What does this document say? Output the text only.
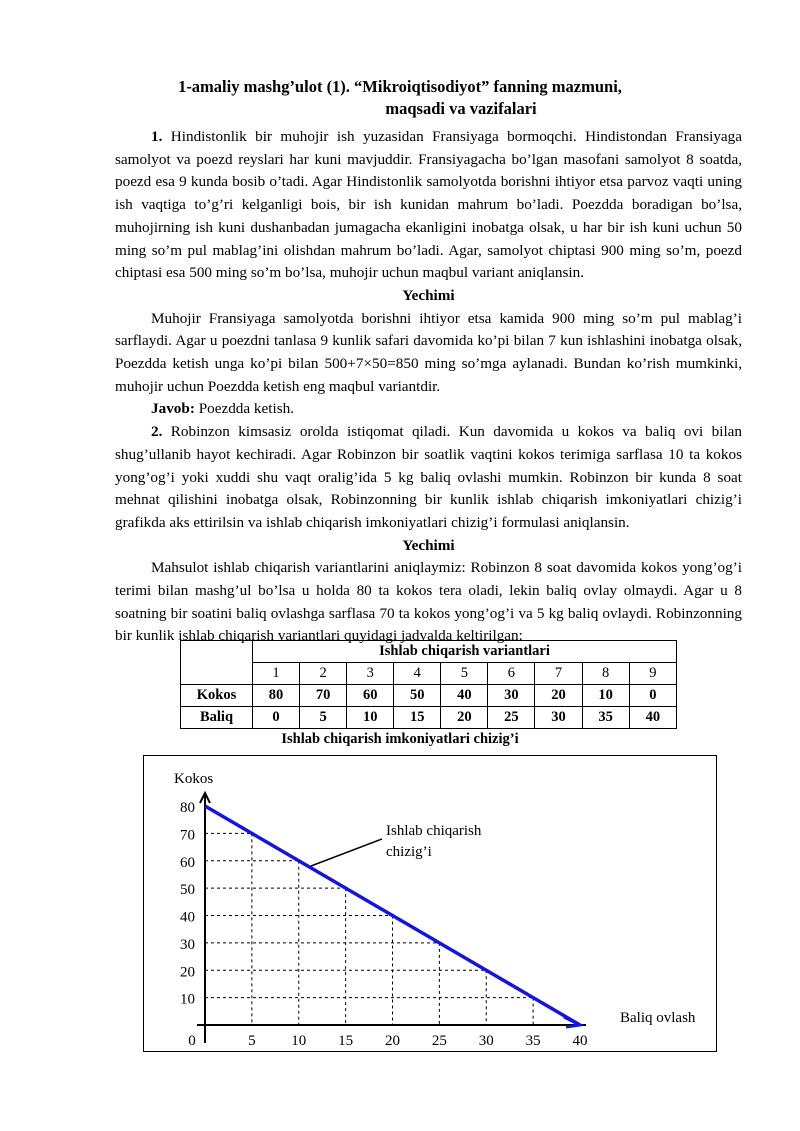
1-amaliy mashg’ulot (1). “Mikroiqtisodiyot” fanning mazmuni,

maqsadi va vazifalari

1. Hindistonlik bir muhojir ish yuzasidan Fransiyaga bormoqchi. Hindistondan Fransiyaga samolyot va poezd reyslari har kuni mavjuddir. Fransiyagacha bo’lgan masofani samolyot 8 soatda, poezd esa 9 kunda bosib o’tadi. Agar Hindistonlik samolyotda borishni ihtiyor etsa parvoz vaqti uning ish vaqtiga to’g’ri kelganligi bois, bir ish kunidan mahrum bo’ladi. Poezdda boradigan bo’lsa, muhojirning ish kuni dushanbadan jumagacha ekanligini inobatga olsak, u har bir ish kuni uchun 50 ming so’m pul mablag’ini olishdan mahrum bo’ladi. Agar, samolyot chiptasi 900 ming so’m, poezd chiptasi esa 500 ming so’m bo’lsa, muhojir uchun maqbul variant aniqlansin.

Yechimi

Muhojir Fransiyaga samolyotda borishni ihtiyor etsa kamida 900 ming so’m pul mablag’i sarflaydi. Agar u poezdni tanlasa 9 kunlik safari davomida ko’pi bilan 7 kun ishlashini inobatga olsak, Poezdda ketish unga ko’pi bilan 500+7×50=850 ming so’mga aylanadi. Bundan ko’rish mumkinki, muhojir uchun Poezdda ketish eng maqbul variantdir.

Javob: Poezdda ketish.

2. Robinzon kimsasiz orolda istiqomat qiladi. Kun davomida u kokos va baliq ovi bilan shug’ullanib hayot kechiradi. Agar Robinzon bir soatlik vaqtini kokos terimiga sarflasa 10 ta kokos yong’og’i yoki xuddi shu vaqt oralig’ida 5 kg baliq ovlashi mumkin. Robinzon bir kunda 8 soat mehnat qilishini inobatga olsak, Robinzonning bir kunlik ishlab chiqarish imkoniyatlari chizig’i grafikda aks ettirilsin va ishlab chiqarish imkoniyatlari chizig’i formulasi aniqlansin.

Yechimi

Mahsulot ishlab chiqarish variantlarini aniqlaymiz: Robinzon 8 soat davomida kokos yong’og’i terimi bilan mashg’ul bo’lsa u holda 80 ta kokos tera oladi, lekin baliq ovlay olmaydi. Agar u 8 soatning bir soatini baliq ovlashga sarflasa 70 ta kokos yong’og’i va 5 kg baliq ovlaydi. Robinzonning bir kunlik ishlab chiqarish variantlari quyidagi jadvalda keltirilgan:

	Ishlab chiqarish variantlari								
	1	2	3	4	5	6	7	8	9
Kokos	80	70	60	50	40	30	20	10	0
Baliq	0	5	10	15	20	25	30	35	40
Ishlab chiqarish imkoniyatlari chizig’i
10
20
30
40
50
60
70
80
0	5 10 15 20 25 30 35 40
Kokos
Baliq ovlash
Ishlab chiqarish
chizig’i
